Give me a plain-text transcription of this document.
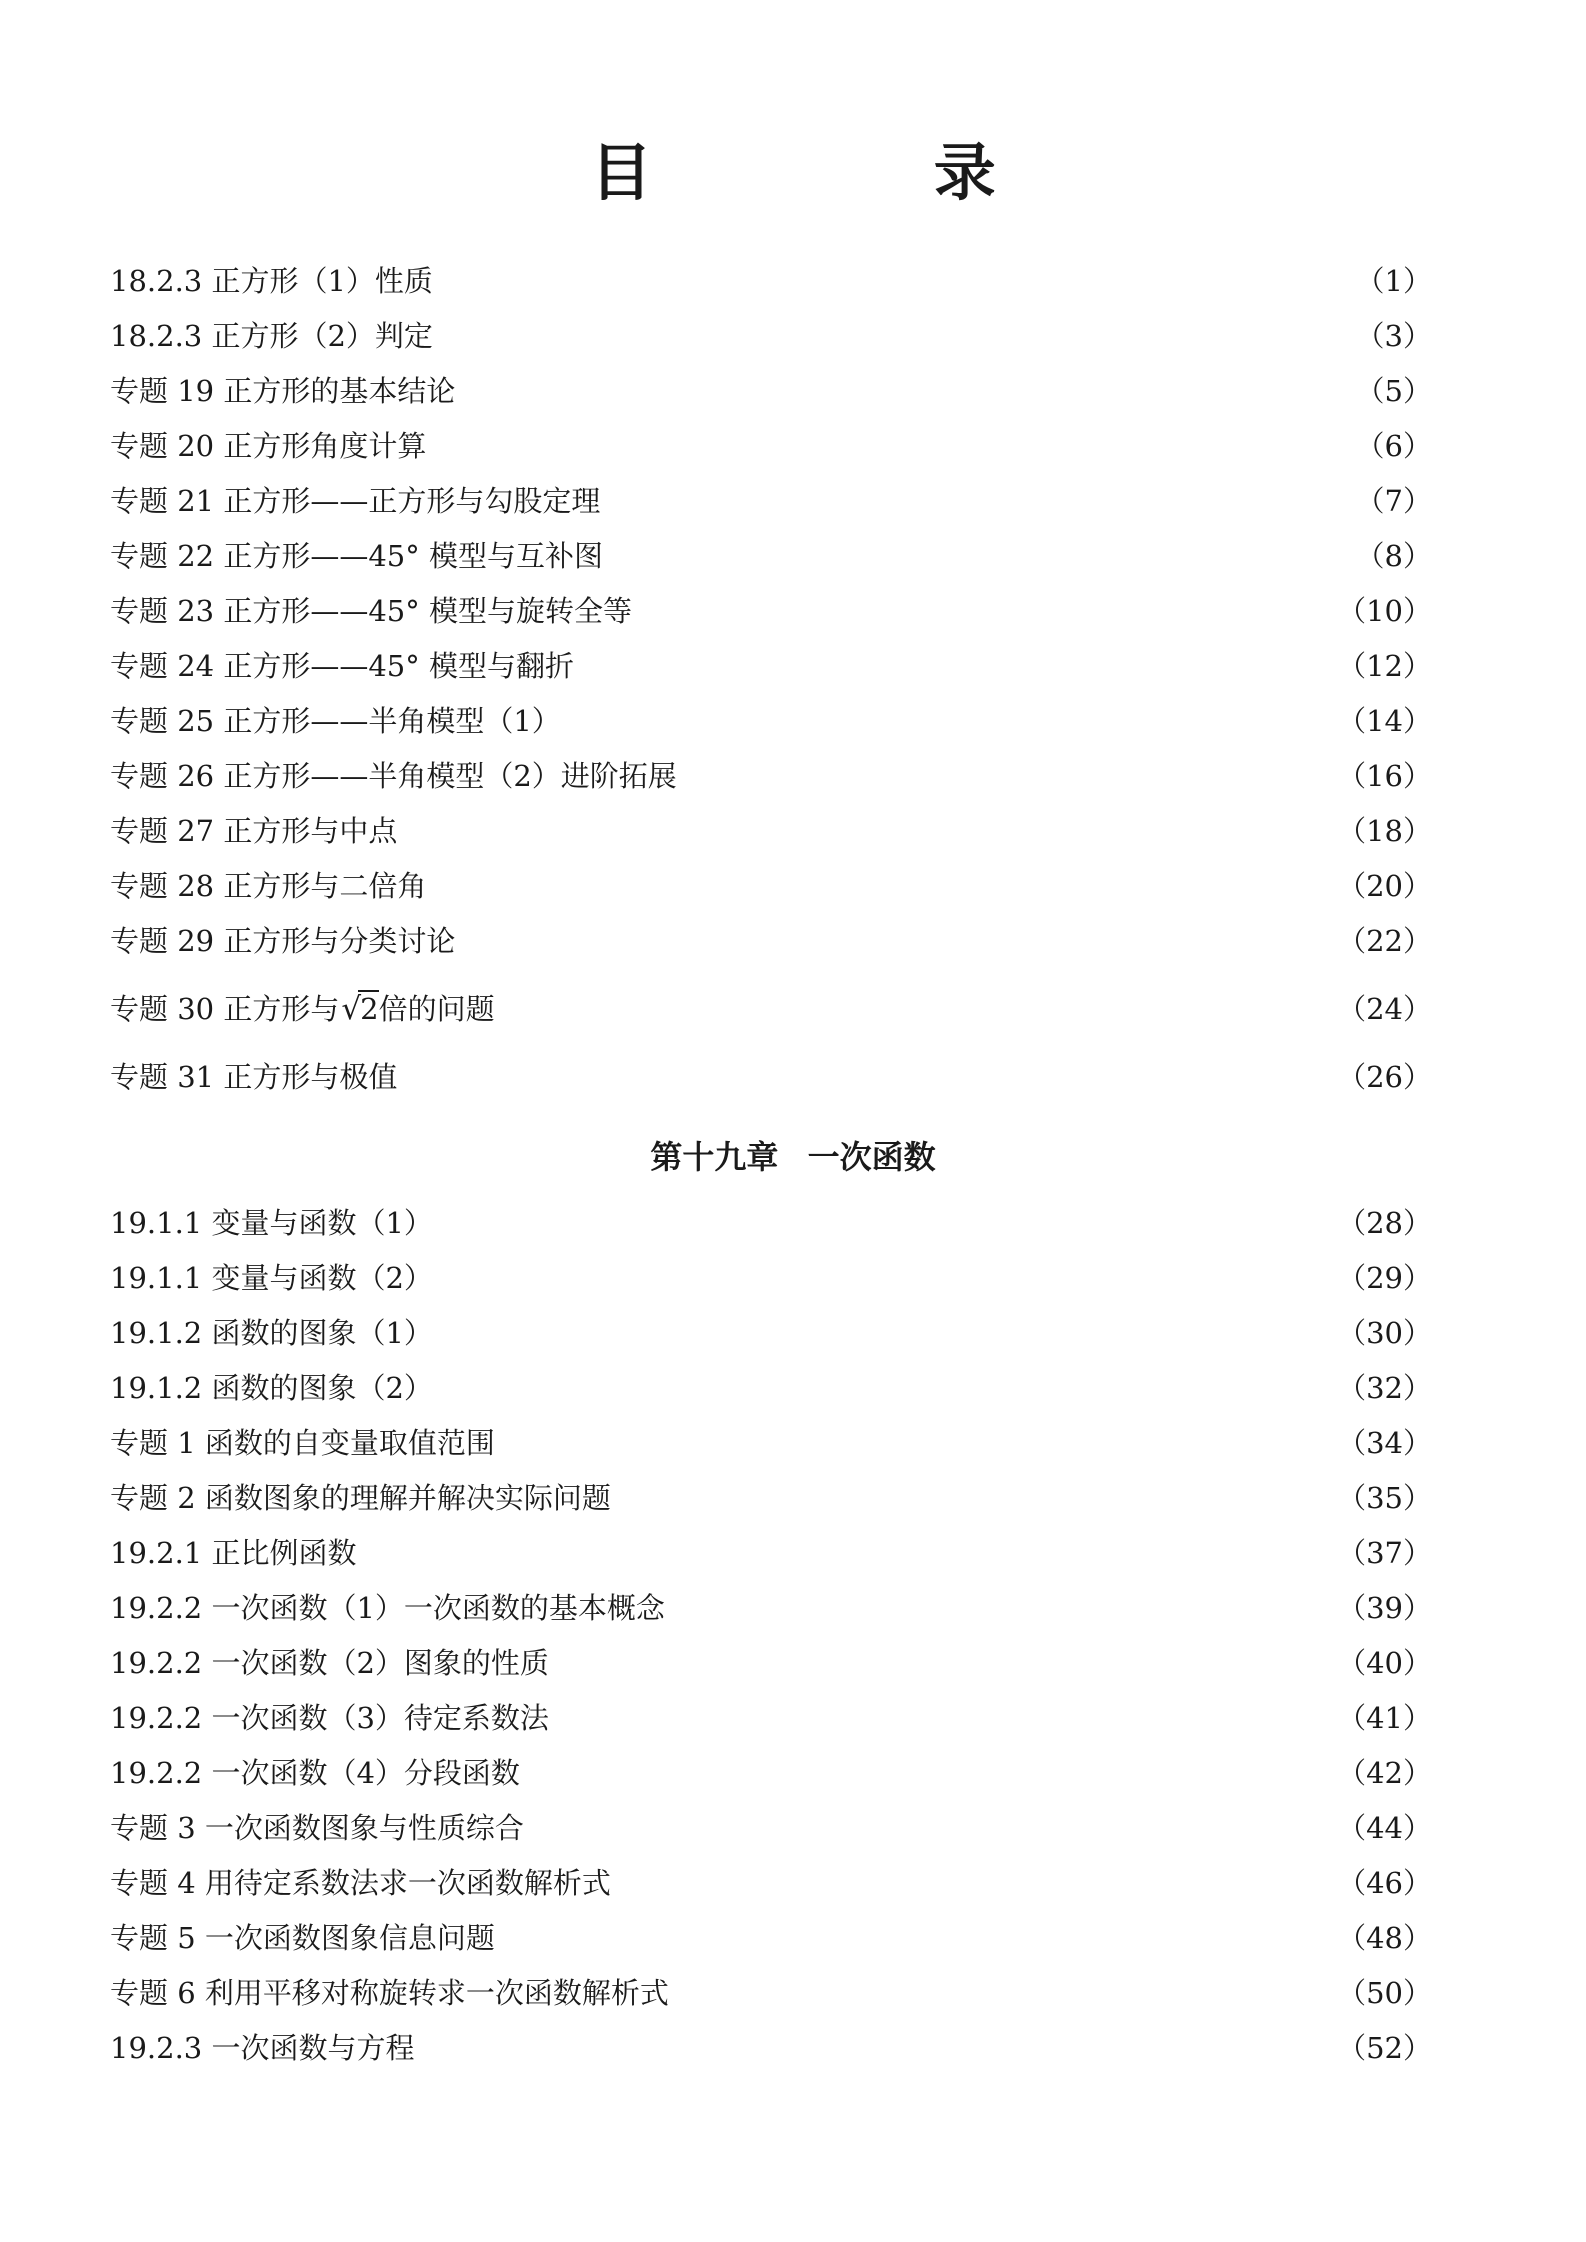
目 录
18.2.3 正方形（1）性质	（1）
18.2.3 正方形（2）判定	（3）
专题 19 正方形的基本结论	（5）
专题 20 正方形角度计算	（6）
专题 21 正方形——正方形与勾股定理	（7）
专题 22 正方形——45° 模型与互补图	（8）
专题 23 正方形——45° 模型与旋转全等	（10）
专题 24 正方形——45° 模型与翻折	（12）
专题 25 正方形——半角模型（1）	（14）
专题 26 正方形——半角模型（2）进阶拓展	（16）
专题 27 正方形与中点	（18）
专题 28 正方形与二倍角	（20）
专题 29 正方形与分类讨论	（22）
专题 30 正方形与√2倍的问题	（24）
专题 31 正方形与极值	（26）
第十九章 一次函数
19.1.1 变量与函数（1）	（28）
19.1.1 变量与函数（2）	（29）
19.1.2 函数的图象（1）	（30）
19.1.2 函数的图象（2）	（32）
专题 1 函数的自变量取值范围	（34）
专题 2 函数图象的理解并解决实际问题	（35）
19.2.1 正比例函数	（37）
19.2.2 一次函数（1）一次函数的基本概念	（39）
19.2.2 一次函数（2）图象的性质	（40）
19.2.2 一次函数（3）待定系数法	（41）
19.2.2 一次函数（4）分段函数	（42）
专题 3 一次函数图象与性质综合	（44）
专题 4 用待定系数法求一次函数解析式	（46）
专题 5 一次函数图象信息问题	（48）
专题 6 利用平移对称旋转求一次函数解析式	（50）
19.2.3 一次函数与方程	（52）
